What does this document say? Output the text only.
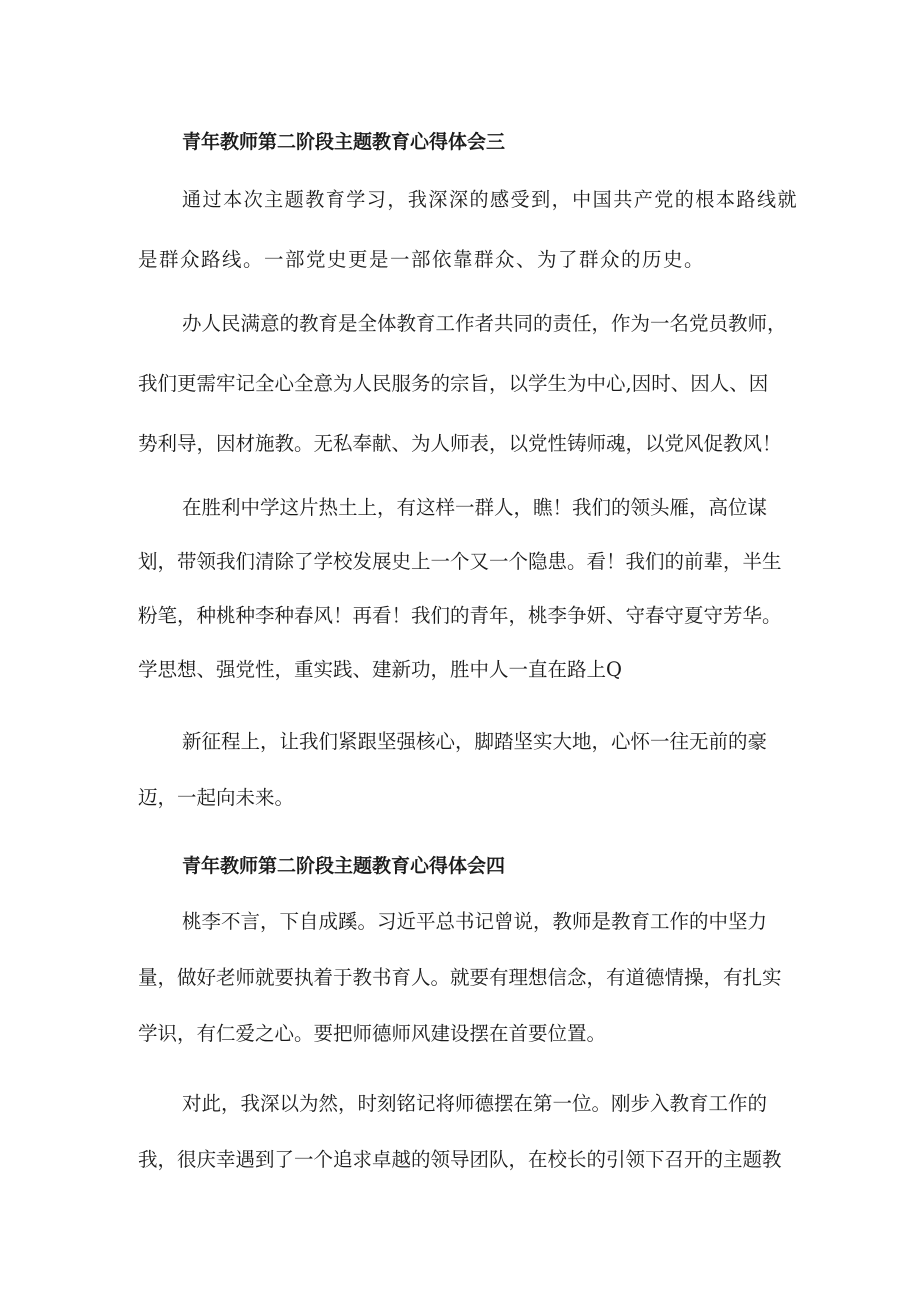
青年教师第二阶段主题教育心得体会三
通过本次主题教育学习，我深深的感受到，中国共产党的根本路线就
是群众路线。一部党史更是一部依靠群众、为了群众的历史。
办人民满意的教育是全体教育工作者共同的责任，作为一名党员教师，
我们更需牢记全心全意为人民服务的宗旨，以学生为中心,因时、因人、因
势利导，因材施教。无私奉献、为人师表，以党性铸师魂，以党风促教风！
在胜利中学这片热土上，有这样一群人，瞧！我们的领头雁，高位谋
划，带领我们清除了学校发展史上一个又一个隐患。看！我们的前辈，半生
粉笔，种桃种李种春风！再看！我们的青年，桃李争妍、守春守夏守芳华。
学思想、强党性，重实践、建新功，胜中人一直在路上Q
新征程上，让我们紧跟坚强核心，脚踏坚实大地，心怀一往无前的豪
迈，一起向未来。
青年教师第二阶段主题教育心得体会四
桃李不言，下自成蹊。习近平总书记曾说，教师是教育工作的中坚力
量，做好老师就要执着于教书育人。就要有理想信念，有道德情操，有扎实
学识，有仁爱之心。要把师德师风建设摆在首要位置。
对此，我深以为然，时刻铭记将师德摆在第一位。刚步入教育工作的
我，很庆幸遇到了一个追求卓越的领导团队，在校长的引领下召开的主题教
